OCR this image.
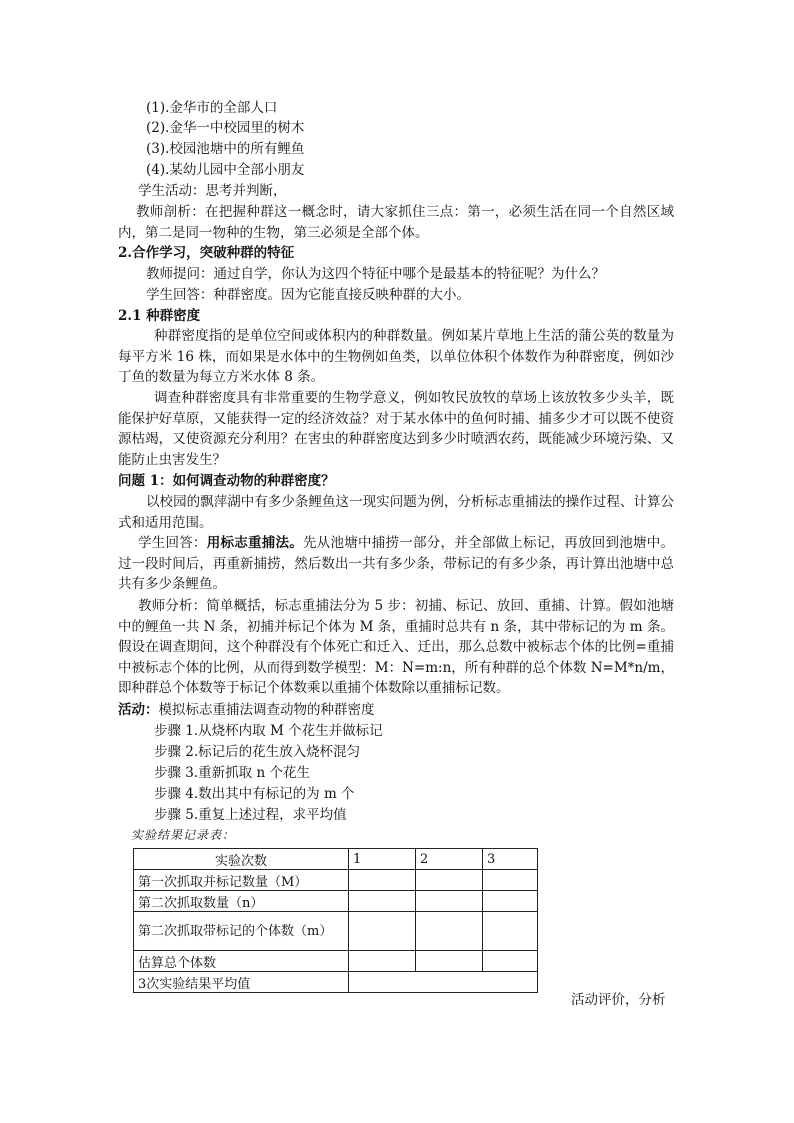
(1).金华市的全部人口
(2).金华一中校园里的树木
(3).校园池塘中的所有鲤鱼
(4).某幼儿园中全部小朋友
学生活动：思考并判断，
教师剖析：在把握种群这一概念时，请大家抓住三点：第一，必须生活在同一个自然区域内，第二是同一物种的生物，第三必须是全部个体。
2.合作学习，突破种群的特征
教师提问：通过自学，你认为这四个特征中哪个是最基本的特征呢？为什么？
学生回答：种群密度。因为它能直接反映种群的大小。
2.1 种群密度
种群密度指的是单位空间或体积内的种群数量。例如某片草地上生活的蒲公英的数量为每平方米 16 株，而如果是水体中的生物例如鱼类，以单位体积个体数作为种群密度，例如沙丁鱼的数量为每立方米水体 8 条。
调查种群密度具有非常重要的生物学意义，例如牧民放牧的草场上该放牧多少头羊，既能保护好草原，又能获得一定的经济效益？对于某水体中的鱼何时捕、捕多少才可以既不使资源枯竭，又使资源充分利用？在害虫的种群密度达到多少时喷洒农药，既能减少环境污染、又能防止虫害发生？
问题 1：如何调查动物的种群密度？
以校园的飘萍湖中有多少条鲤鱼这一现实问题为例，分析标志重捕法的操作过程、计算公式和适用范围。
学生回答：用标志重捕法。先从池塘中捕捞一部分，并全部做上标记，再放回到池塘中。过一段时间后，再重新捕捞，然后数出一共有多少条，带标记的有多少条，再计算出池塘中总共有多少条鲤鱼。
教师分析：简单概括，标志重捕法分为 5 步：初捕、标记、放回、重捕、计算。假如池塘中的鲤鱼一共 N 条，初捕并标记个体为 M 条，重捕时总共有 n 条，其中带标记的为 m 条。假设在调查期间，这个种群没有个体死亡和迁入、迁出，那么总数中被标志个体的比例=重捕中被标志个体的比例，从而得到数学模型：M：N=m:n，所有种群的总个体数 N=M*n/m，即种群总个体数等于标记个体数乘以重捕个体数除以重捕标记数。
活动：模拟标志重捕法调查动物的种群密度
步骤 1.从烧杯内取 M 个花生并做标记
步骤 2.标记后的花生放入烧杯混匀
步骤 3.重新抓取 n 个花生
步骤 4.数出其中有标记的为 m 个
步骤 5.重复上述过程，求平均值
实验结果记录表：
实验次数	1	2	3
第一次抓取并标记数量（M）			
第二次抓取数量（n）			
第二次抓取带标记的个体数（m）			
估算总个体数			
3次实验结果平均值			
活动评价，分析
